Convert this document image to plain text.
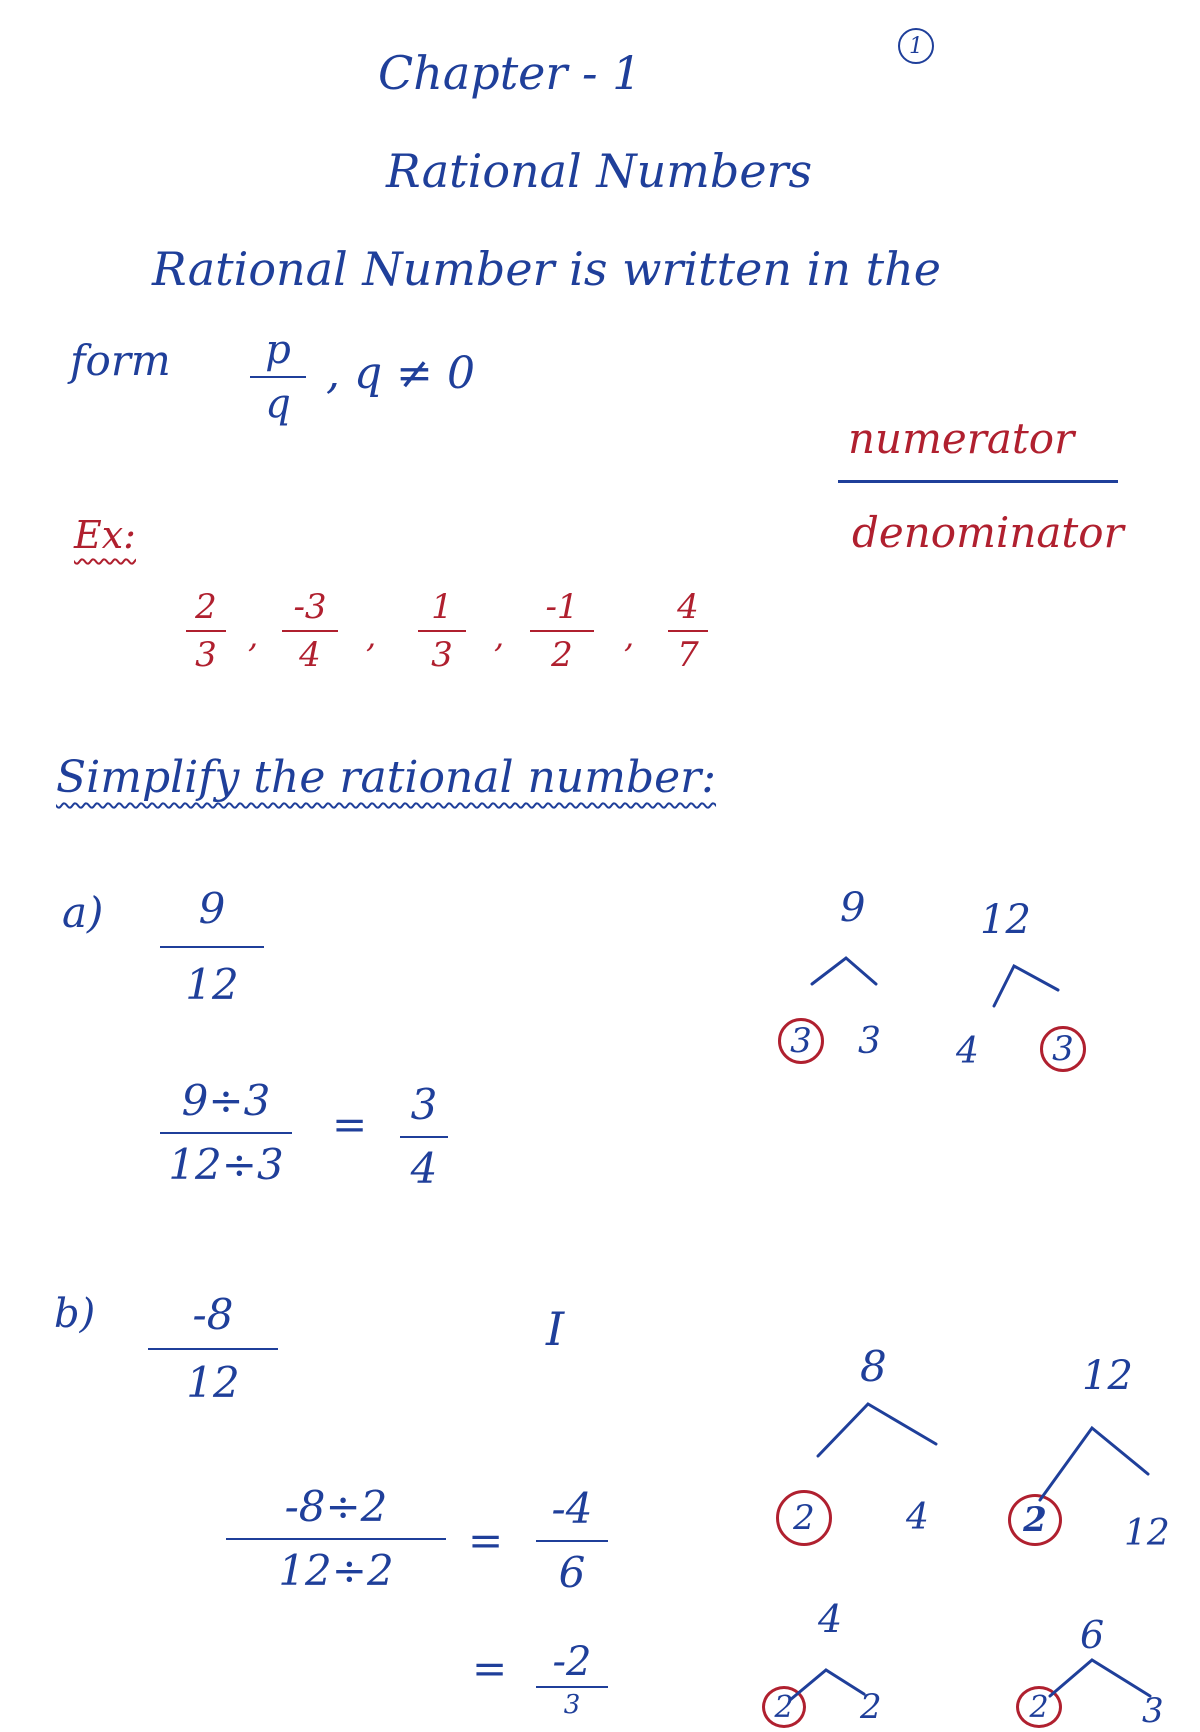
1
Chapter - 1
Rational Numbers
Rational Number is written in the
form p
q
, q ≠ 0
numerator
denominator
Ex:
2
3 ,
-3
4 ,
1
3 ,
-1
2 ,
4
7
Simplify the rational number:
a) 9
12
9÷3
12÷3
= 3
4
9
3 3
12
4 3
b) -8
12
I
-8÷2
12÷2
=
-4
6
= -2
3
8
2	4
4
2 2
12
2 12
6
2	3
